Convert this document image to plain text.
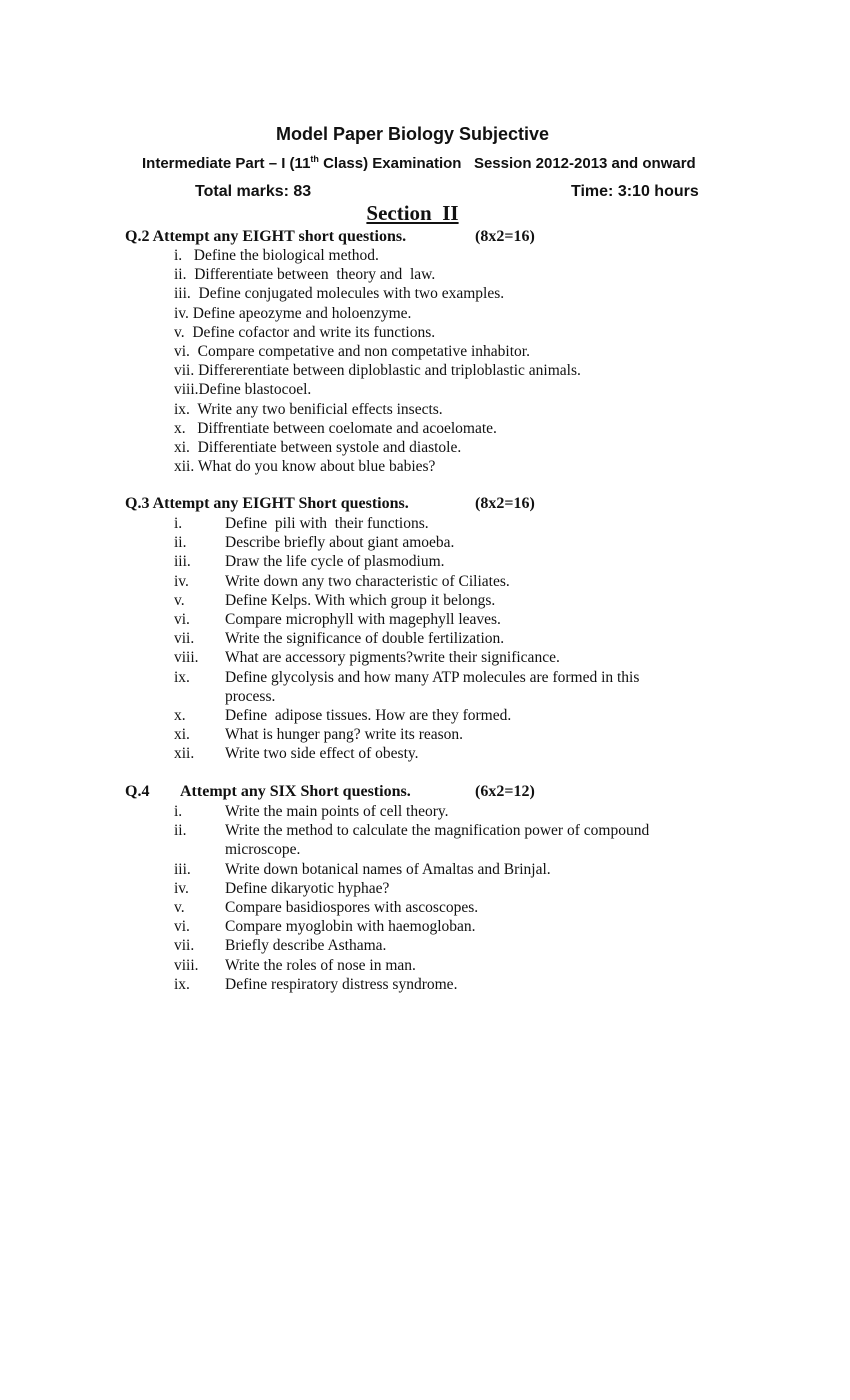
Model Paper Biology Subjective
Intermediate Part – I (11th Class) Examination   Session 2012-2013 and onward
Total marks: 83	Time: 3:10 hours
Section  II
Q.2 Attempt any EIGHT short questions.	(8x2=16)
i.   Define the biological method.
ii.  Differentiate between  theory and  law.
iii.  Define conjugated molecules with two examples.
iv. Define apeozyme and holoenzyme.
v.  Define cofactor and write its functions.
vi.  Compare competative and non competative inhabitor.
vii. Differerentiate between diploblastic and triploblastic animals.
viii.Define blastocoel.
ix.  Write any two benificial effects insects.
x.   Diffrentiate between coelomate and acoelomate.
xi.  Differentiate between systole and diastole.
xii. What do you know about blue babies?
Q.3 Attempt any EIGHT Short questions.	(8x2=16)
i.	Define  pili with  their functions.
ii. Describe briefly about giant amoeba.
iii. Draw the life cycle of plasmodium.
iv. Write down any two characteristic of Ciliates.
v.	Define Kelps. With which group it belongs.
vi. Compare microphyll with magephyll leaves.
vii. Write the significance of double fertilization.
viii. What are accessory pigments?write their significance.
ix. Define glycolysis and how many ATP molecules are formed in this process.
x.	Define  adipose tissues. How are they formed.
xi. What is hunger pang? write its reason.
xii. Write two side effect of obesty.
Q.4 Attempt any SIX Short questions.	(6x2=12)
i.	Write the main points of cell theory.
ii. Write the method to calculate the magnification power of compound microscope.
iii. Write down botanical names of Amaltas and Brinjal.
iv. Define dikaryotic hyphae?
v.	Compare basidiospores with ascoscopes.
vi. Compare myoglobin with haemogloban.
vii. Briefly describe Asthama.
viii. Write the roles of nose in man.
ix. Define respiratory distress syndrome.
